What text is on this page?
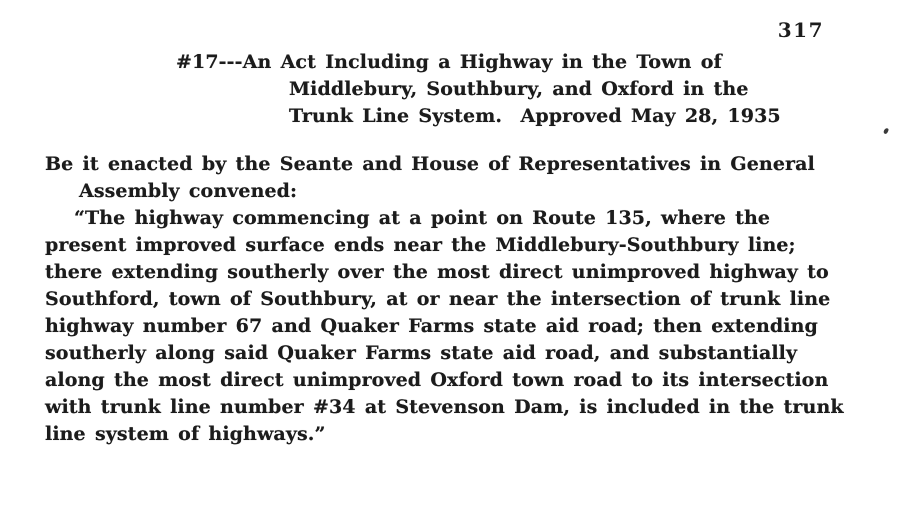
317
#17---An Act Including a Highway in the Town of
Middlebury, Southbury, and Oxford in the
Trunk Line System.  Approved May 28, 1935
Be it enacted by the Seante and House of Representatives in General
Assembly convened:
“The highway commencing at a point on Route 135, where the
present improved surface ends near the Middlebury-Southbury line;
there extending southerly over the most direct unimproved highway to
Southford, town of Southbury, at or near the intersection of trunk line
highway number 67 and Quaker Farms state aid road; then extending
southerly along said Quaker Farms state aid road, and substantially
along the most direct unimproved Oxford town road to its intersection
with trunk line number #34 at Stevenson Dam, is included in the trunk
line system of highways.”
